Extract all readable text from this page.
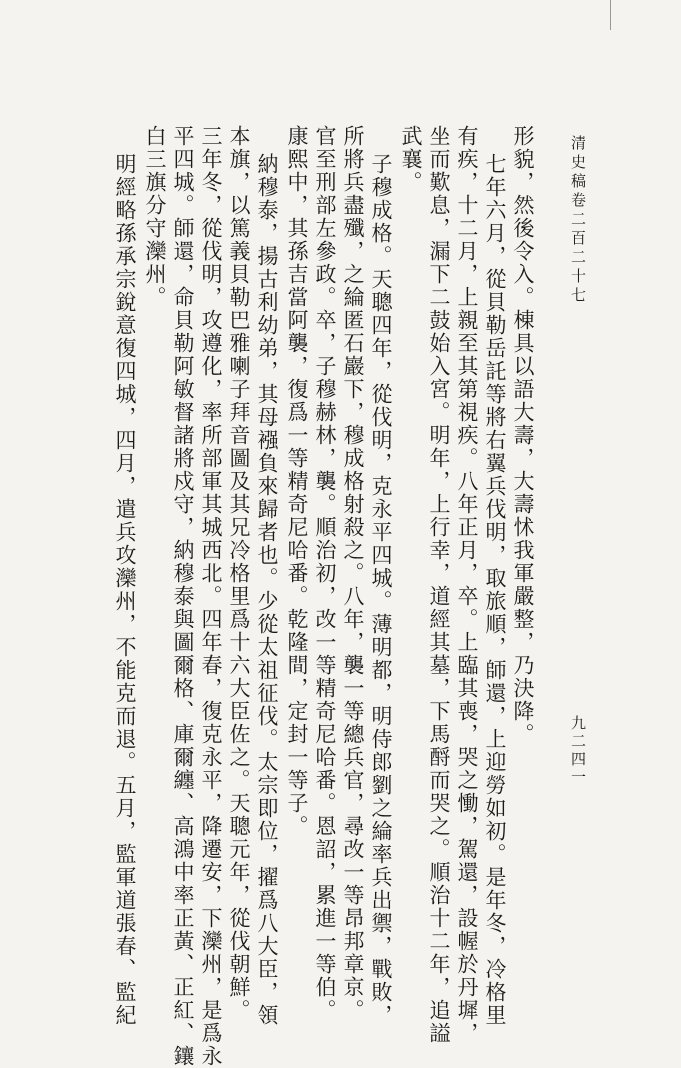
清史稿卷二百二十七
九二四一
形貌，然後令入。棟具以語大壽，大壽怵我軍嚴整，乃決降。
七年六月，從貝勒岳託等將右翼兵伐明，取旅順，師還，上迎勞如初。是年冬，冷格里
有疾，十二月，上親至其第視疾。八年正月，卒。上臨其喪，哭之慟，駕還，設幄於丹墀，
坐而歎息，漏下二鼓始入宮。明年，上行幸，道經其墓，下馬酹而哭之。順治十二年，追謚
武襄。
子穆成格。天聰四年，從伐明，克永平四城。薄明都，明侍郎劉之綸率兵出禦，戰敗，
所將兵盡殲，之綸匿石巖下，穆成格射殺之。八年，襲一等總兵官，尋改一等昂邦章京。
官至刑部左參政。卒，子穆赫林，襲。順治初，改一等精奇尼哈番。恩詔，累進一等伯。
康熙中，其孫吉當阿襲，復爲一等精奇尼哈番。乾隆間，定封一等子。
納穆泰，揚古利幼弟，其母襁負來歸者也。少從太祖征伐。太宗即位，擢爲八大臣，領
本旗，以篤義貝勒巴雅喇子拜音圖及其兄冷格里爲十六大臣佐之。天聰元年，從伐朝鮮。
三年冬，從伐明，攻遵化，率所部軍其城西北。四年春，復克永平，降遷安，下灤州，是爲永
平四城。師還，命貝勒阿敏督諸將戍守，納穆泰與圖爾格、庫爾纏、高鴻中率正黃、正紅、鑲
白三旗分守灤州。
明經略孫承宗銳意復四城，四月，遣兵攻灤州，不能克而退。五月，監軍道張春、監紀
